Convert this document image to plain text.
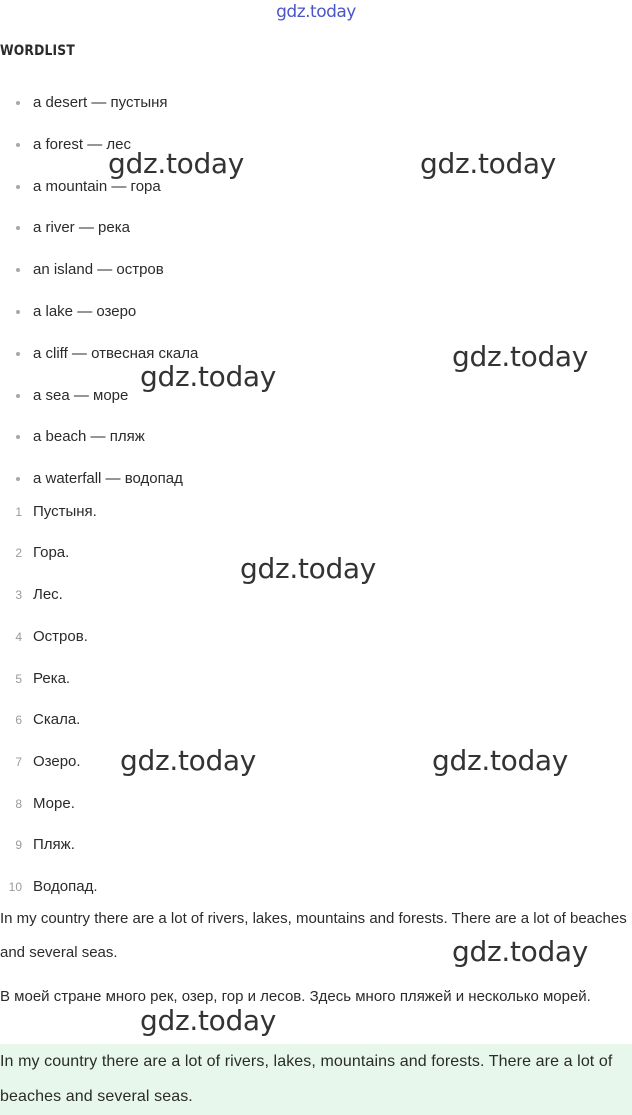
gdz.today
WORDLIST
a desert — пустыня
a forest — лес
a mountain — гора
a river — река
an island — остров
a lake — озеро
a cliff — отвесная скала
a sea — море
a beach — пляж
a waterfall — водопад
1 Пустыня.
2 Гора.
3 Лес.
4 Остров.
5 Река.
6 Скала.
7 Озеро.
8 Море.
9 Пляж.
10 Водопад.

In my country there are a lot of rivers, lakes, mountains and forests. There are a lot of beaches and several seas.

В моей стране много рек, озер, гор и лесов. Здесь много пляжей и несколько морей.

In my country there are a lot of rivers, lakes, mountains and forests. There are a lot of beaches and several seas.

gdz.today	gdz.today
gdz.today
gdz.today
gdz.today
gdz.today	gdz.today
gdz.today
gdz.today
